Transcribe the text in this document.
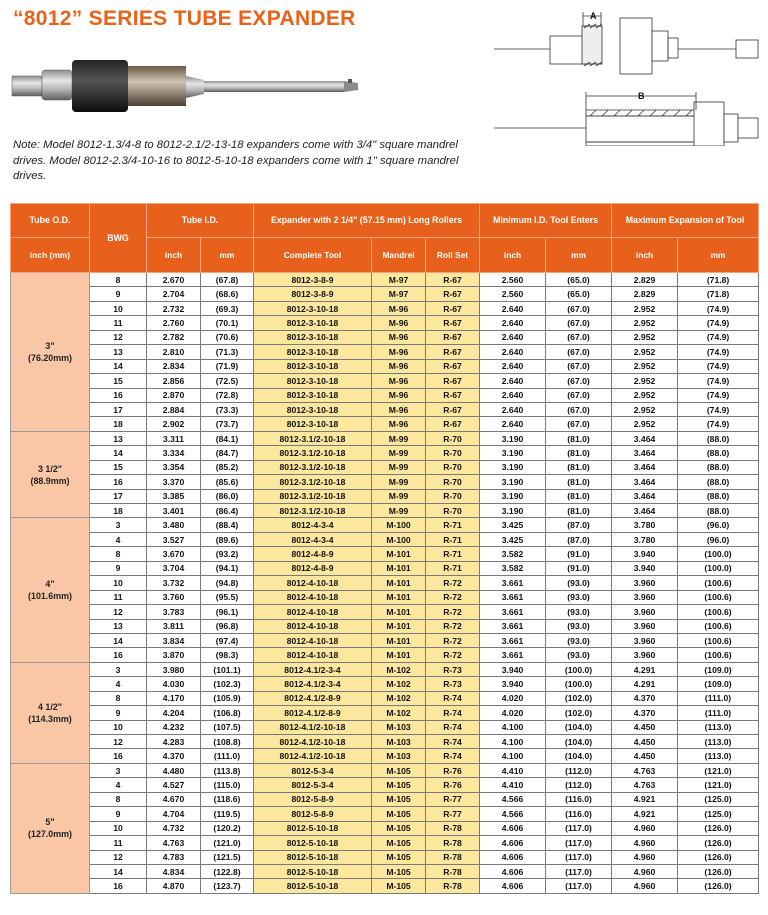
“8012” SERIES TUBE EXPANDER	A
B
Note: Model 8012-1.3/4-8 to 8012-2.1/2-13-18 expanders come with 3/4" square mandrel drives. Model 8012-2.3/4-10-16 to 8012-5-10-18 expanders come with 1" square mandrel drives.
Tube O.D.	BWG	Tube I.D.		Expander with 2 1/4" (57.15 mm) Long Rollers			Minimum I.D. Tool Enters		Maximum Expansion of Tool	
inch (mm)		inch	mm	Complete Tool	Mandrel	Roll Set	inch	mm	inch	mm

3"
(76.20mm)	8	2.670	(67.8)	8012-3-8-9	M-97	R-67	2.560	(65.0)	2.829	(71.8)
	9	2.704	(68.6)	8012-3-8-9	M-97	R-67	2.560	(65.0)	2.829	(71.8)
	10	2.732	(69.3)	8012-3-10-18	M-96	R-67	2.640	(67.0)	2.952	(74.9)
	11	2.760	(70.1)	8012-3-10-18	M-96	R-67	2.640	(67.0)	2.952	(74.9)
	12	2.782	(70.6)	8012-3-10-18	M-96	R-67	2.640	(67.0)	2.952	(74.9)
	13	2.810	(71.3)	8012-3-10-18	M-96	R-67	2.640	(67.0)	2.952	(74.9)
	14	2.834	(71.9)	8012-3-10-18	M-96	R-67	2.640	(67.0)	2.952	(74.9)
	15	2.856	(72.5)	8012-3-10-18	M-96	R-67	2.640	(67.0)	2.952	(74.9)
	16	2.870	(72.8)	8012-3-10-18	M-96	R-67	2.640	(67.0)	2.952	(74.9)
	17	2.884	(73.3)	8012-3-10-18	M-96	R-67	2.640	(67.0)	2.952	(74.9)
	18	2.902	(73.7)	8012-3-10-18	M-96	R-67	2.640	(67.0)	2.952	(74.9)

3 1/2"
(88.9mm)	13	3.311	(84.1)	8012-3.1/2-10-18	M-99	R-70	3.190	(81.0)	3.464	(88.0)
	14	3.334	(84.7)	8012-3.1/2-10-18	M-99	R-70	3.190	(81.0)	3.464	(88.0)
	15	3.354	(85.2)	8012-3.1/2-10-18	M-99	R-70	3.190	(81.0)	3.464	(88.0)
	16	3.370	(85.6)	8012-3.1/2-10-18	M-99	R-70	3.190	(81.0)	3.464	(88.0)
	17	3.385	(86.0)	8012-3.1/2-10-18	M-99	R-70	3.190	(81.0)	3.464	(88.0)
	18	3.401	(86.4)	8012-3.1/2-10-18	M-99	R-70	3.190	(81.0)	3.464	(88.0)

4"
(101.6mm)	3	3.480	(88.4)	8012-4-3-4	M-100	R-71	3.425	(87.0)	3.780	(96.0)
	4	3.527	(89.6)	8012-4-3-4	M-100	R-71	3.425	(87.0)	3.780	(96.0)
	8	3.670	(93.2)	8012-4-8-9	M-101	R-71	3.582	(91.0)	3.940	(100.0)
	9	3.704	(94.1)	8012-4-8-9	M-101	R-71	3.582	(91.0)	3.940	(100.0)
	10	3.732	(94.8)	8012-4-10-18	M-101	R-72	3.661	(93.0)	3.960	(100.6)
	11	3.760	(95.5)	8012-4-10-18	M-101	R-72	3.661	(93.0)	3.960	(100.6)
	12	3.783	(96.1)	8012-4-10-18	M-101	R-72	3.661	(93.0)	3.960	(100.6)
	13	3.811	(96.8)	8012-4-10-18	M-101	R-72	3.661	(93.0)	3.960	(100.6)
	14	3.834	(97.4)	8012-4-10-18	M-101	R-72	3.661	(93.0)	3.960	(100.6)
	16	3.870	(98.3)	8012-4-10-18	M-101	R-72	3.661	(93.0)	3.960	(100.6)

4 1/2"
(114.3mm)	3	3.980	(101.1)	8012-4.1/2-3-4	M-102	R-73	3.940	(100.0)	4.291	(109.0)
	4	4.030	(102.3)	8012-4.1/2-3-4	M-102	R-73	3.940	(100.0)	4.291	(109.0)
	8	4.170	(105.9)	8012-4.1/2-8-9	M-102	R-74	4.020	(102.0)	4.370	(111.0)
	9	4.204	(106.8)	8012-4.1/2-8-9	M-102	R-74	4.020	(102.0)	4.370	(111.0)
	10	4.232	(107.5)	8012-4.1/2-10-18	M-103	R-74	4.100	(104.0)	4.450	(113.0)
	12	4.283	(108.8)	8012-4.1/2-10-18	M-103	R-74	4.100	(104.0)	4.450	(113.0)
	16	4.370	(111.0)	8012-4.1/2-10-18	M-103	R-74	4.100	(104.0)	4.450	(113.0)

5"
(127.0mm)	3	4.480	(113.8)	8012-5-3-4	M-105	R-76	4.410	(112.0)	4.763	(121.0)
	4	4.527	(115.0)	8012-5-3-4	M-105	R-76	4.410	(112.0)	4.763	(121.0)
	8	4.670	(118.6)	8012-5-8-9	M-105	R-77	4.566	(116.0)	4.921	(125.0)
	9	4.704	(119.5)	8012-5-8-9	M-105	R-77	4.566	(116.0)	4.921	(125.0)
	10	4.732	(120.2)	8012-5-10-18	M-105	R-78	4.606	(117.0)	4.960	(126.0)
	11	4.763	(121.0)	8012-5-10-18	M-105	R-78	4.606	(117.0)	4.960	(126.0)
	12	4.783	(121.5)	8012-5-10-18	M-105	R-78	4.606	(117.0)	4.960	(126.0)
	14	4.834	(122.8)	8012-5-10-18	M-105	R-78	4.606	(117.0)	4.960	(126.0)
	16	4.870	(123.7)	8012-5-10-18	M-105	R-78	4.606	(117.0)	4.960	(126.0)
